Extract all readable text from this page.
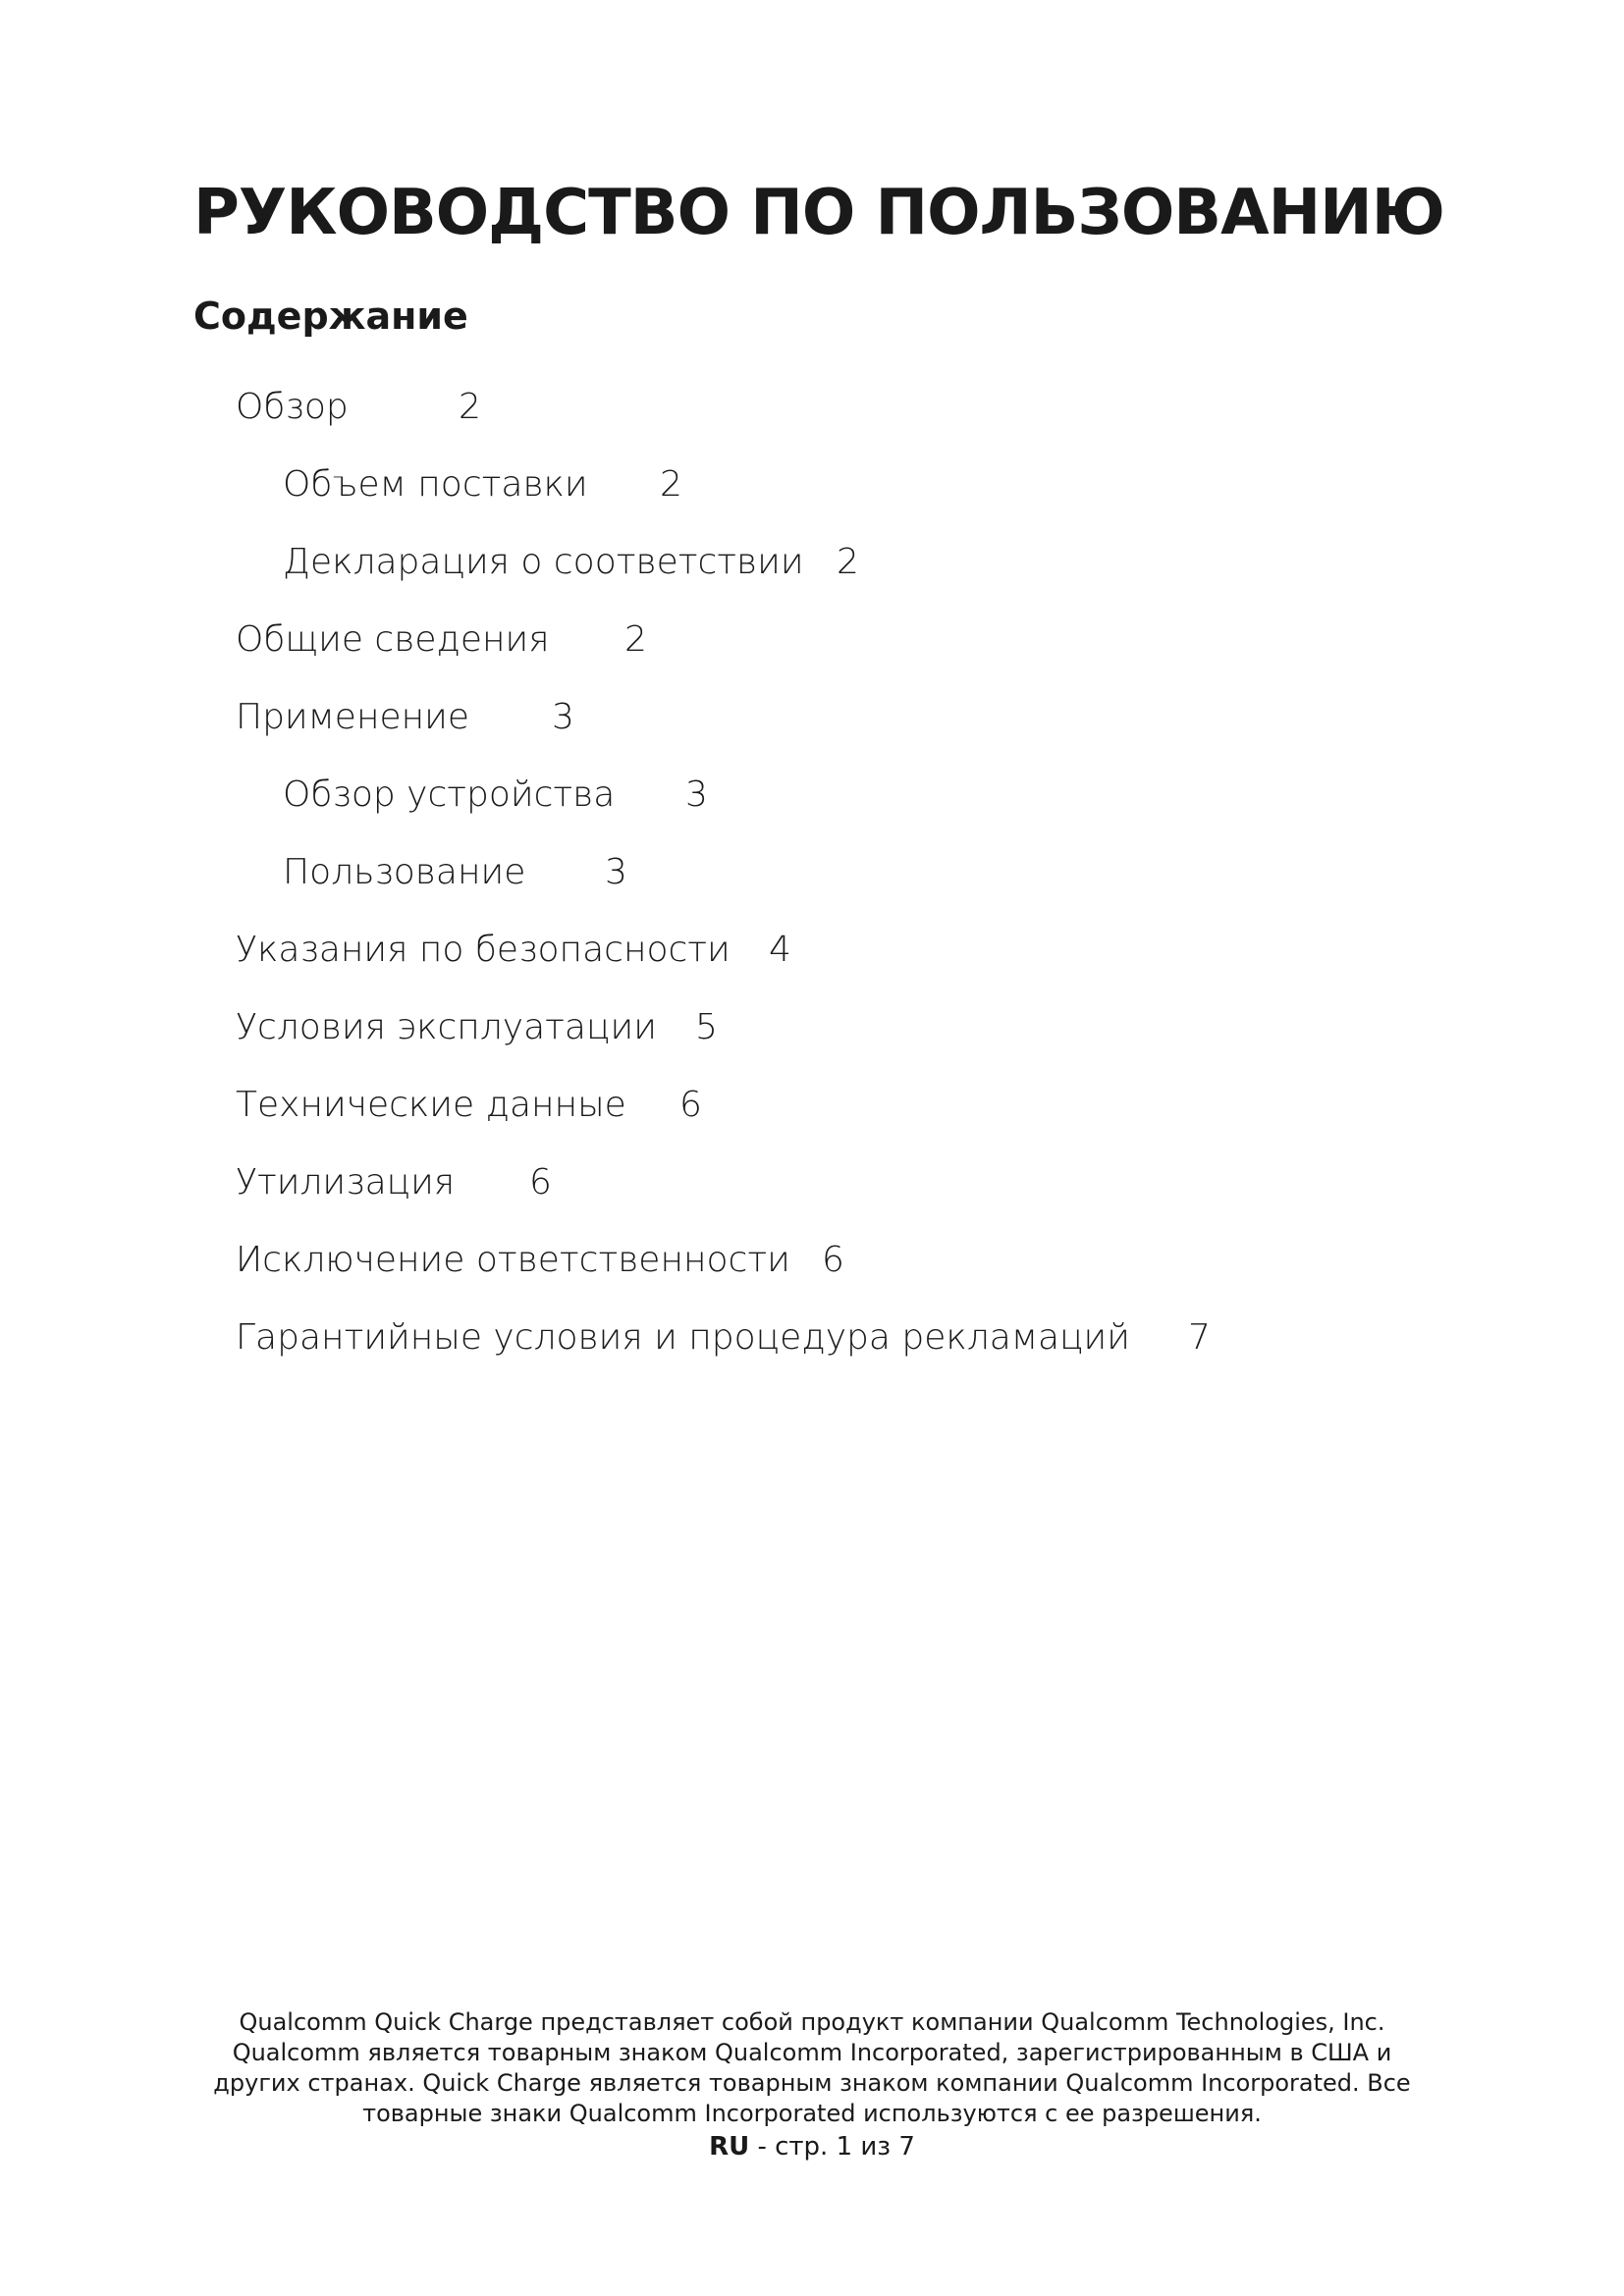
РУКОВОДСТВО ПО ПОЛЬЗОВАНИЮ
Содержание
Обзор	2
Объем поставки 2
Декларация о соответствии 2
Общие сведения 2
Применение 3
Обзор устройства 3
Пользование 3
Указания по безопасности 4
Условия эксплуатации 5
Технические данные 6
Утилизация 6
Исключение ответственности 6
Гарантийные условия и процедура рекламаций 7
Qualcomm Quick Charge представляет собой продукт компании Qualcomm Technologies, Inc.
Qualcomm является товарным знаком Qualcomm Incorporated, зарегистрированным в США и
других странах. Quick Charge является товарным знаком компании Qualcomm Incorporated. Все
товарные знаки Qualcomm Incorporated используются с ее разрешения.
RU - стр. 1 из 7
